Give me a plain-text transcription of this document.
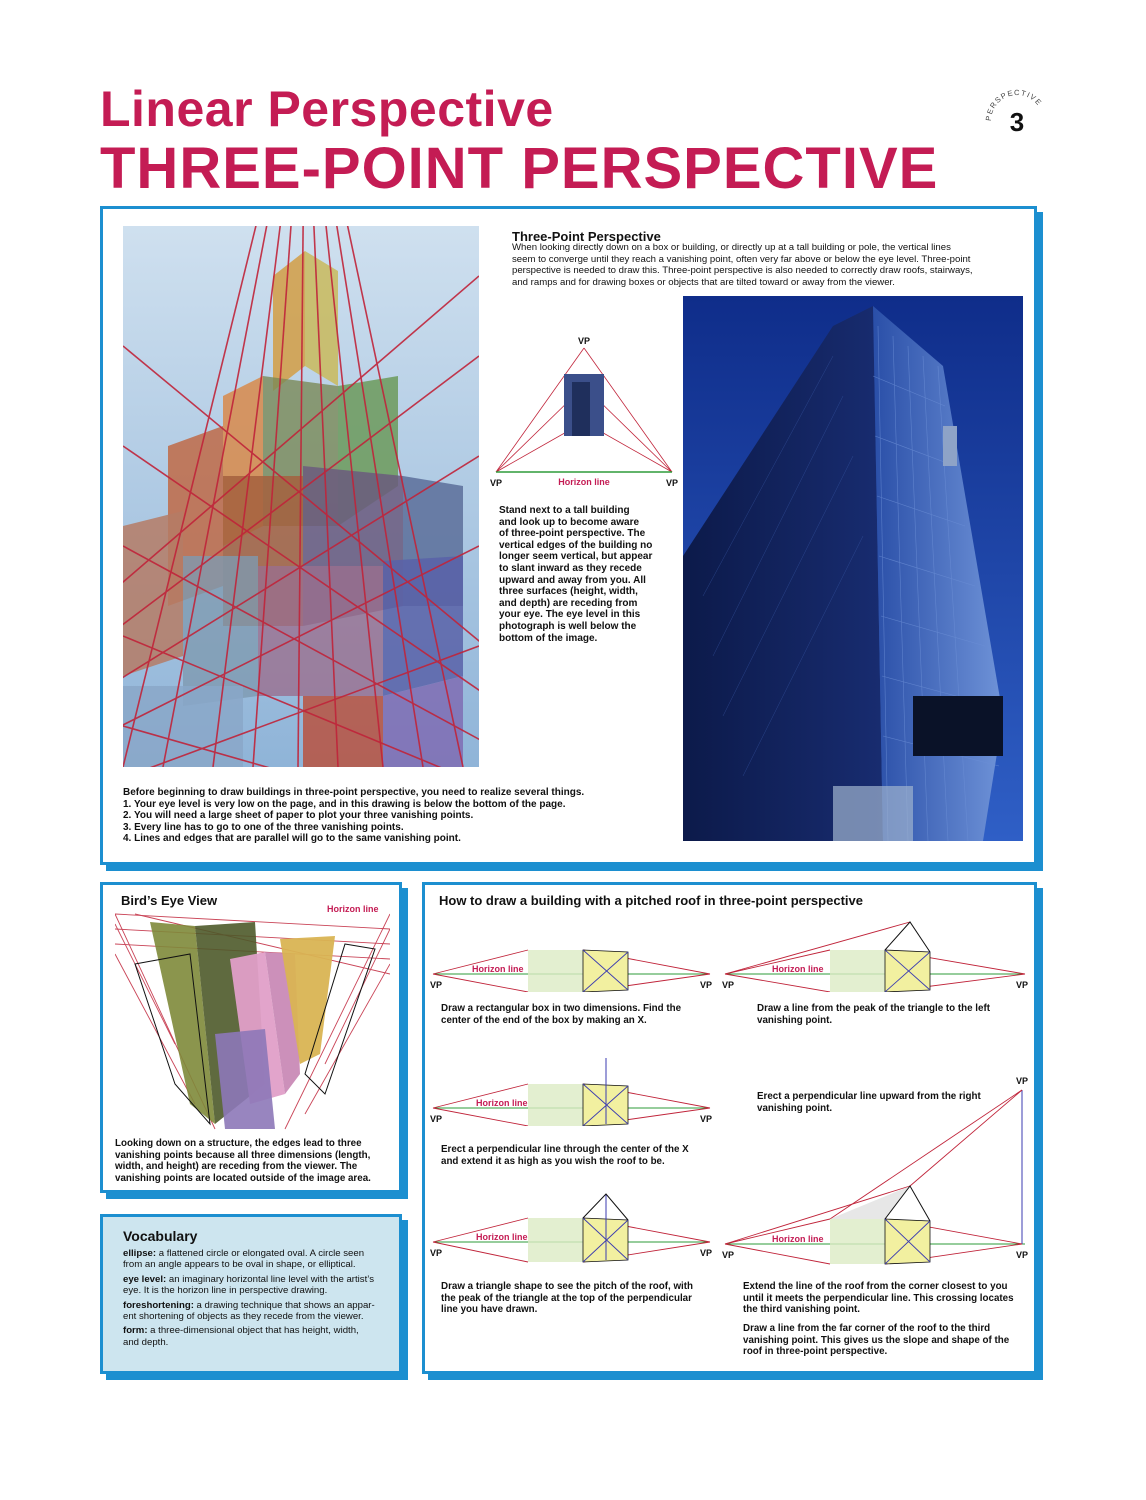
Linear Perspective
THREE-POINT PERSPECTIVE
PERSPECTIVE
3
Three-Point Perspective
When looking directly down on a box or building, or directly up at a tall building or pole, the vertical lines
seem to converge until they reach a vanishing point, often very far above or below the eye level. Three-point
perspective is needed to draw this. Three-point perspective is also needed to correctly draw roofs, stairways,
and ramps and for drawing boxes or objects that are tilted toward or away from the viewer.
VP
VP	VP
Horizon line
Stand next to a tall building
and look up to become aware
of three-point perspective. The
vertical edges of the building no
longer seem vertical, but appear
to slant inward as they recede
upward and away from you. All
three surfaces (height, width,
and depth) are receding from
your eye. The eye level in this
photograph is well below the
bottom of the image.
Before beginning to draw buildings in three-point perspective, you need to realize several things.
1. Your eye level is very low on the page, and in this drawing is below the bottom of the page.
2. You will need a large sheet of paper to plot your three vanishing points.
3. Every line has to go to one of the three vanishing points.
4. Lines and edges that are parallel will go to the same vanishing point.
Bird’s Eye View
Horizon line
Looking down on a structure, the edges lead to three
vanishing points because all three dimensions (length,
width, and height) are receding from the viewer. The
vanishing points are located outside of the image area.
Vocabulary
ellipse: a flattened circle or elongated oval. A circle seen
from an angle appears to be oval in shape, or elliptical.
eye level: an imaginary horizontal line level with the artist’s
eye. It is the horizon line in perspective drawing.
foreshortening: a drawing technique that shows an appar-
ent shortening of objects as they recede from the viewer.
form: a three-dimensional object that has height, width,
and depth.
How to draw a building with a pitched roof in three-point perspective
Horizon line
VP	VP
Draw a rectangular box in two dimensions. Find the
center of the end of the box by making an X.
Horizon line
VP	VP
Draw a line from the peak of the triangle to the left
vanishing point.
Horizon line
VP	VP
Erect a perpendicular line through the center of the X
and extend it as high as you wish the roof to be.
Erect a perpendicular line upward from the right
vanishing point.
Horizon line
VP	VP
Draw a triangle shape to see the pitch of the roof, with
the peak of the triangle at the top of the perpendicular
line you have drawn.
Horizon line
VP	VP
VP
Extend the line of the roof from the corner closest to you
until it meets the perpendicular line. This crossing locates
the third vanishing point.
Draw a line from the far corner of the roof to the third
vanishing point. This gives us the slope and shape of the
roof in three-point perspective.
